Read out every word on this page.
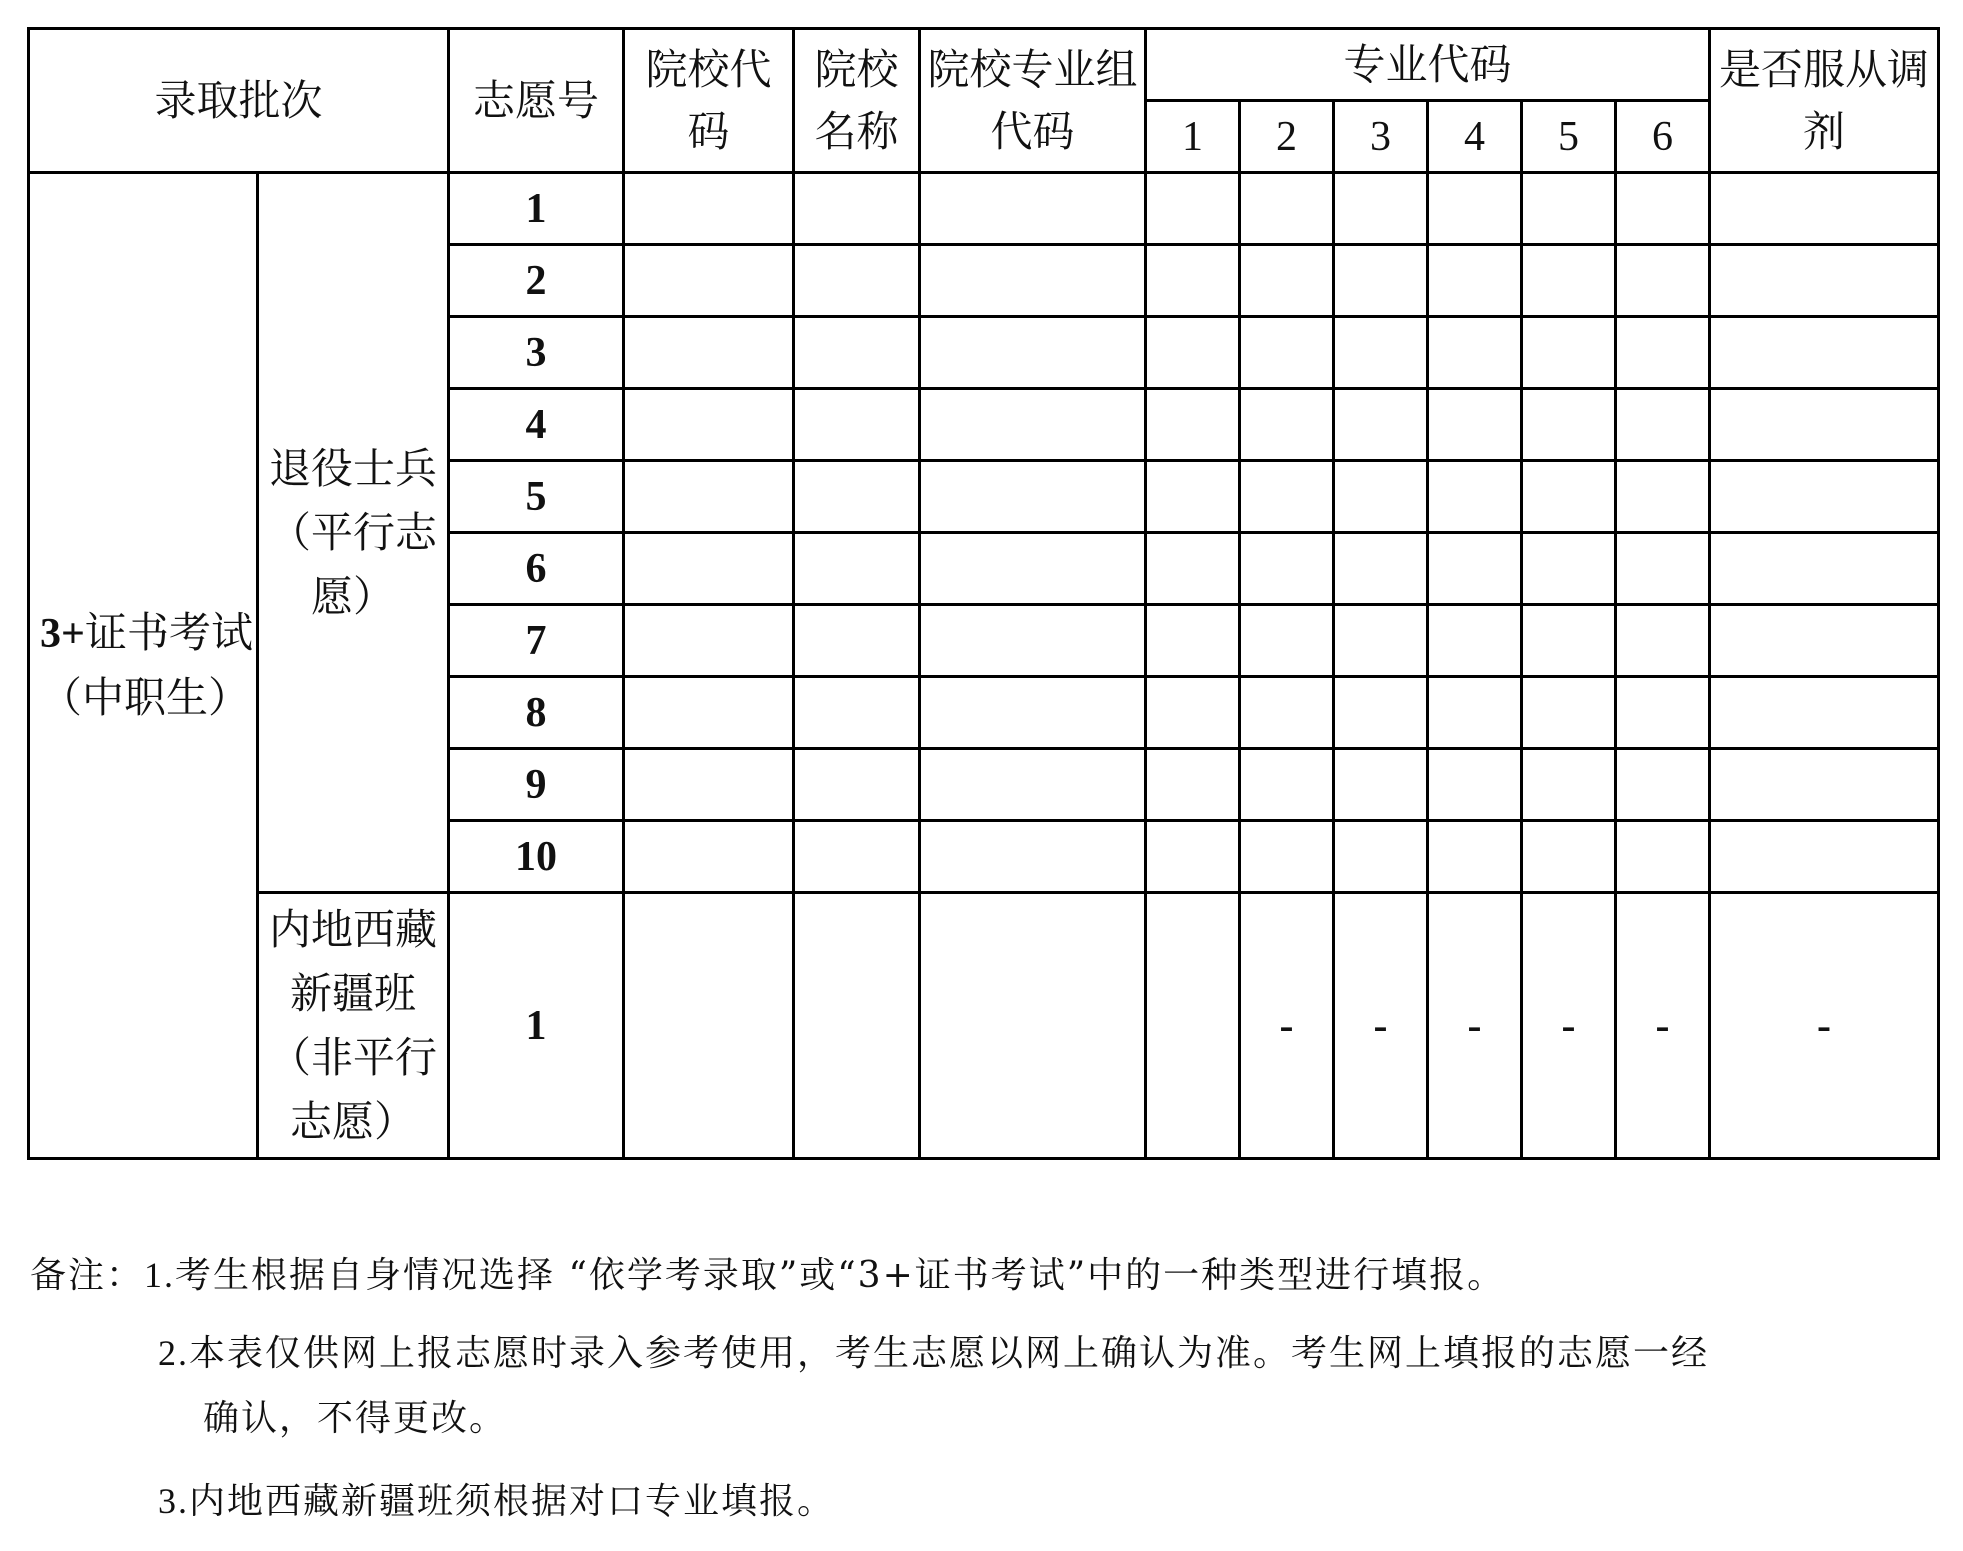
录取批次		志愿号	院校代码	院校名称	院校专业组代码	专业代码						是否服从调剂
						1	2	3	4	5	6	
3+证书考试（中职生）	退役士兵（平行志愿）	1										
		2										
		3										
		4										
		5										
		6										
		7										
		8										
		9										
		10										
	内地西藏新疆班（非平行志愿）	1					-	-	-	-	-	-
备注：1.考生根据自身情况选择 “依学考录取”或“3+证书考试”中的一种类型进行填报。
2.本表仅供网上报志愿时录入参考使用，考生志愿以网上确认为准。考生网上填报的志愿一经
确认，不得更改。
3.内地西藏新疆班须根据对口专业填报。
